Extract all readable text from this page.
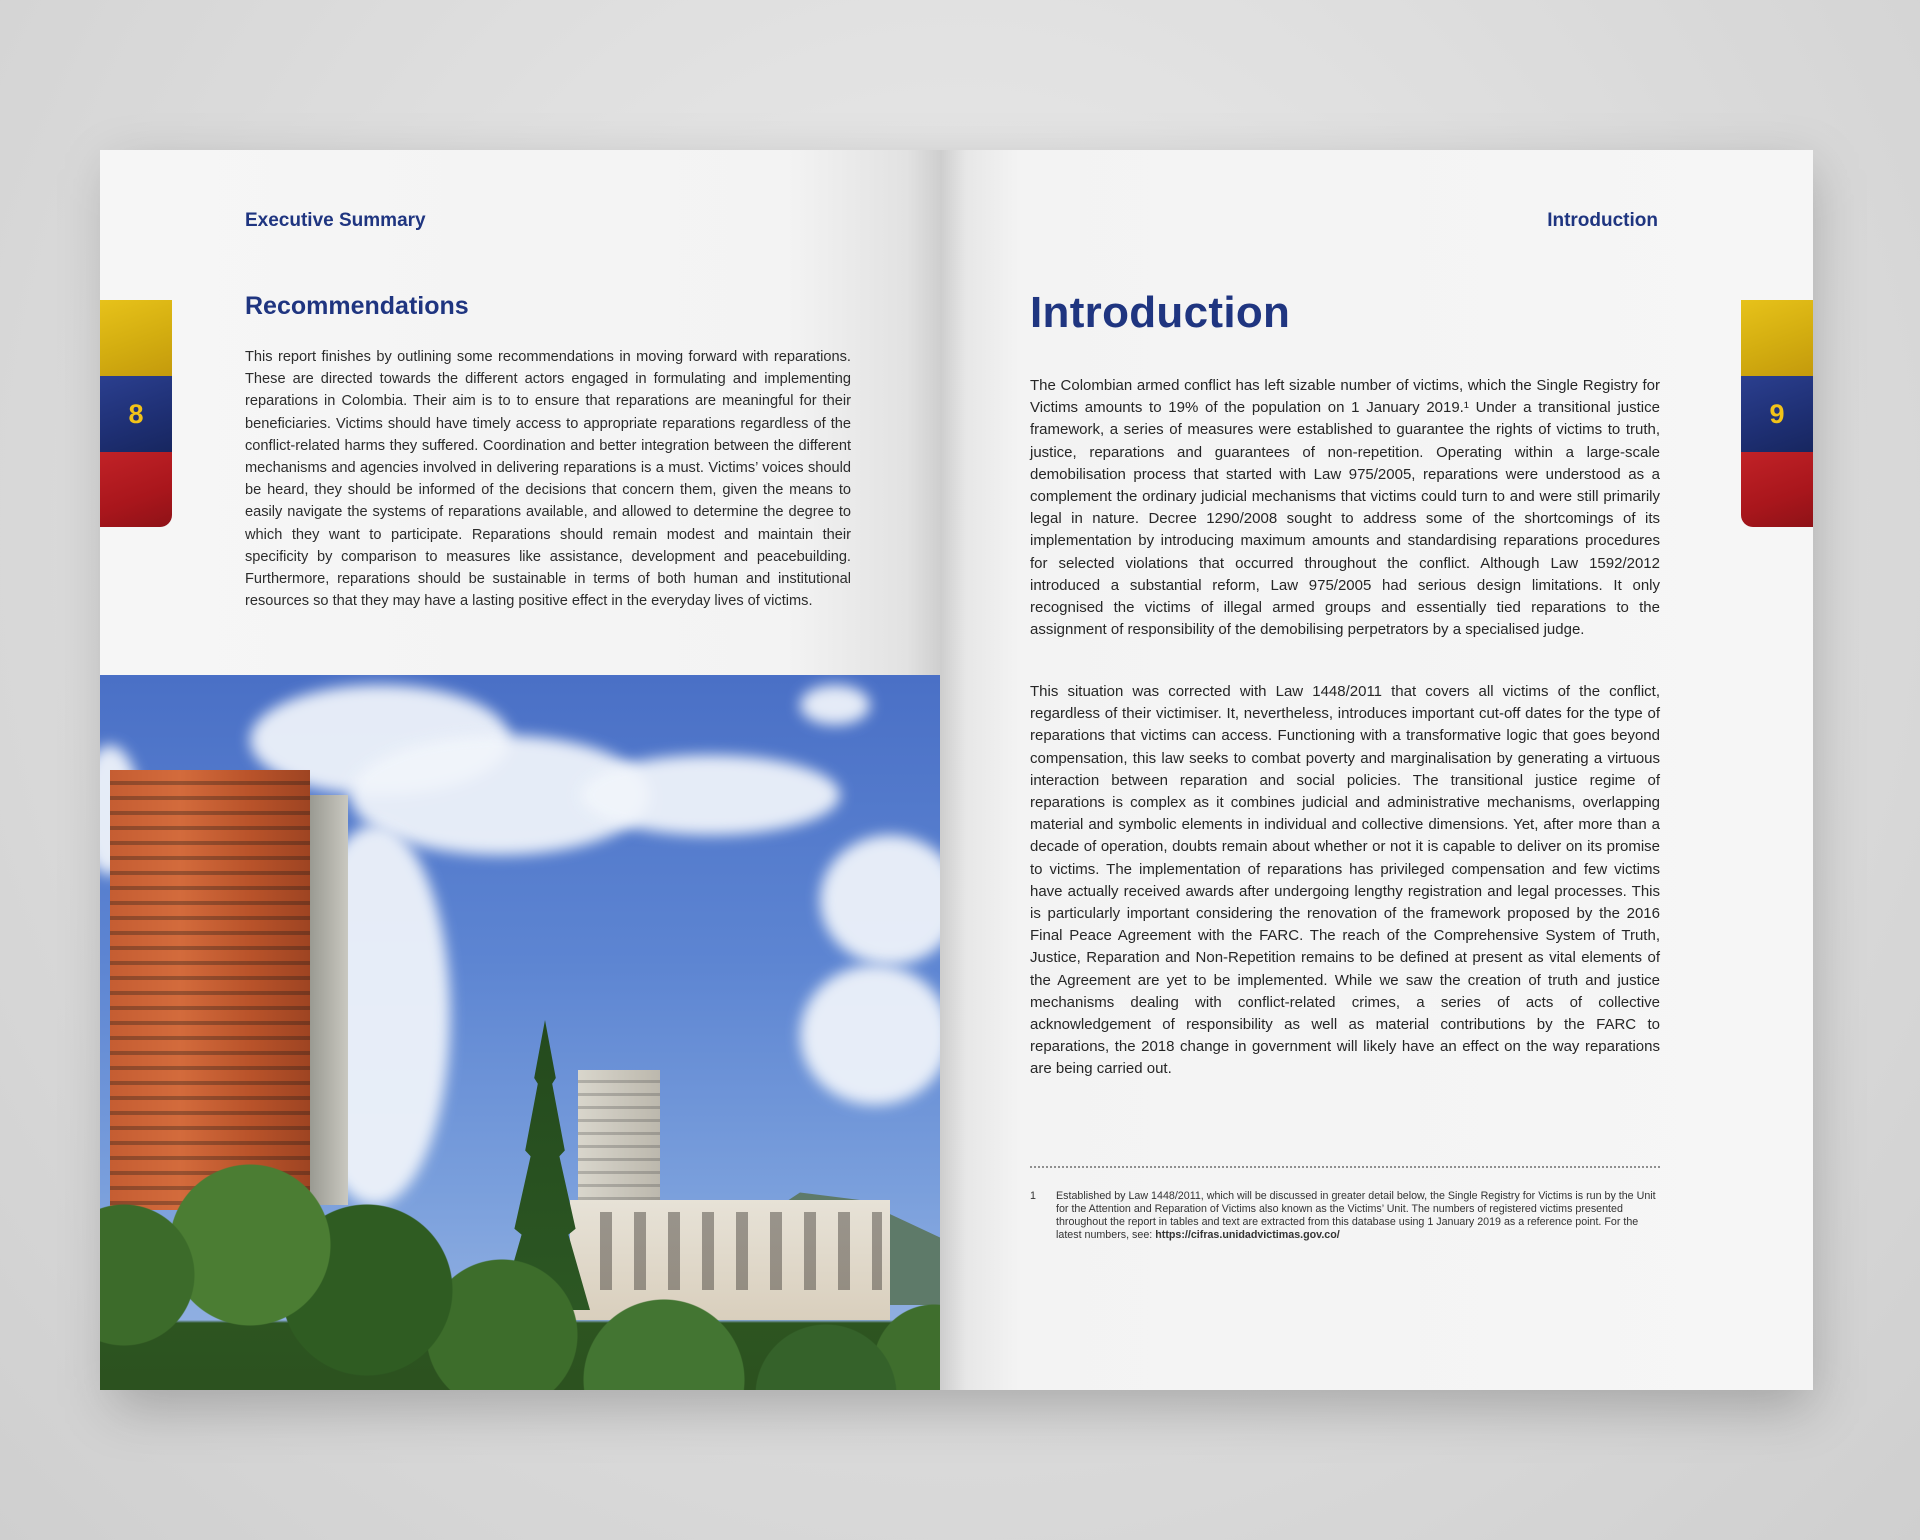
Executive Summary
8
Recommendations

This report finishes by outlining some recommendations in moving forward with reparations. These are directed towards the different actors engaged in formulating and implementing reparations in Colombia. Their aim is to to ensure that reparations are meaningful for their beneficiaries. Victims should have timely access to appropriate reparations regardless of the conflict-related harms they suffered. Coordination and better integration between the different mechanisms and agencies involved in delivering reparations is a must. Victims’ voices should be heard, they should be informed of the decisions that concern them, given the means to easily navigate the systems of reparations available, and allowed to determine the degree to which they want to participate. Reparations should remain modest and maintain their specificity by comparison to measures like assistance, development and peacebuilding. Furthermore, reparations should be sustainable in terms of both human and institutional resources so that they may have a lasting positive effect in the everyday lives of victims.

Introduction
9
Introduction

The Colombian armed conflict has left sizable number of victims, which the Single Registry for Victims amounts to 19% of the population on 1 January 2019.¹ Under a transitional justice framework, a series of measures were established to guarantee the rights of victims to truth, justice, reparations and guarantees of non-repetition. Operating within a large-scale demobilisation process that started with Law 975/2005, reparations were understood as a complement the ordinary judicial mechanisms that victims could turn to and were still primarily legal in nature. Decree 1290/2008 sought to address some of the shortcomings of its implementation by introducing maximum amounts and standardising reparations procedures for selected violations that occurred throughout the conflict. Although Law 1592/2012 introduced a substantial reform, Law 975/2005 had serious design limitations. It only recognised the victims of illegal armed groups and essentially tied reparations to the assignment of responsibility of the demobilising perpetrators by a specialised judge.

This situation was corrected with Law 1448/2011 that covers all victims of the conflict, regardless of their victimiser. It, nevertheless, introduces important cut-off dates for the type of reparations that victims can access. Functioning with a transformative logic that goes beyond compensation, this law seeks to combat poverty and marginalisation by generating a virtuous interaction between reparation and social policies. The transitional justice regime of reparations is complex as it combines judicial and administrative mechanisms, overlapping material and symbolic elements in individual and collective dimensions. Yet, after more than a decade of operation, doubts remain about whether or not it is capable to deliver on its promise to victims. The implementation of reparations has privileged compensation and few victims have actually received awards after undergoing lengthy registration and legal processes. This is particularly important considering the renovation of the framework proposed by the 2016 Final Peace Agreement with the FARC. The reach of the Comprehensive System of Truth, Justice, Reparation and Non-Repetition remains to be defined at present as vital elements of the Agreement are yet to be implemented. While we saw the creation of truth and justice mechanisms dealing with conflict-related crimes, a series of acts of collective acknowledgement of responsibility as well as material contributions by the FARC to reparations, the 2018 change in government will likely have an effect on the way reparations are being carried out.

1 Established by Law 1448/2011, which will be discussed in greater detail below, the Single Registry for Victims is run by the Unit for the Attention and Reparation of Victims also known as the Victims’ Unit. The numbers of registered victims presented throughout the report in tables and text are extracted from this database using 1 January 2019 as a reference point. For the latest numbers, see: https://cifras.unidadvictimas.gov.co/
